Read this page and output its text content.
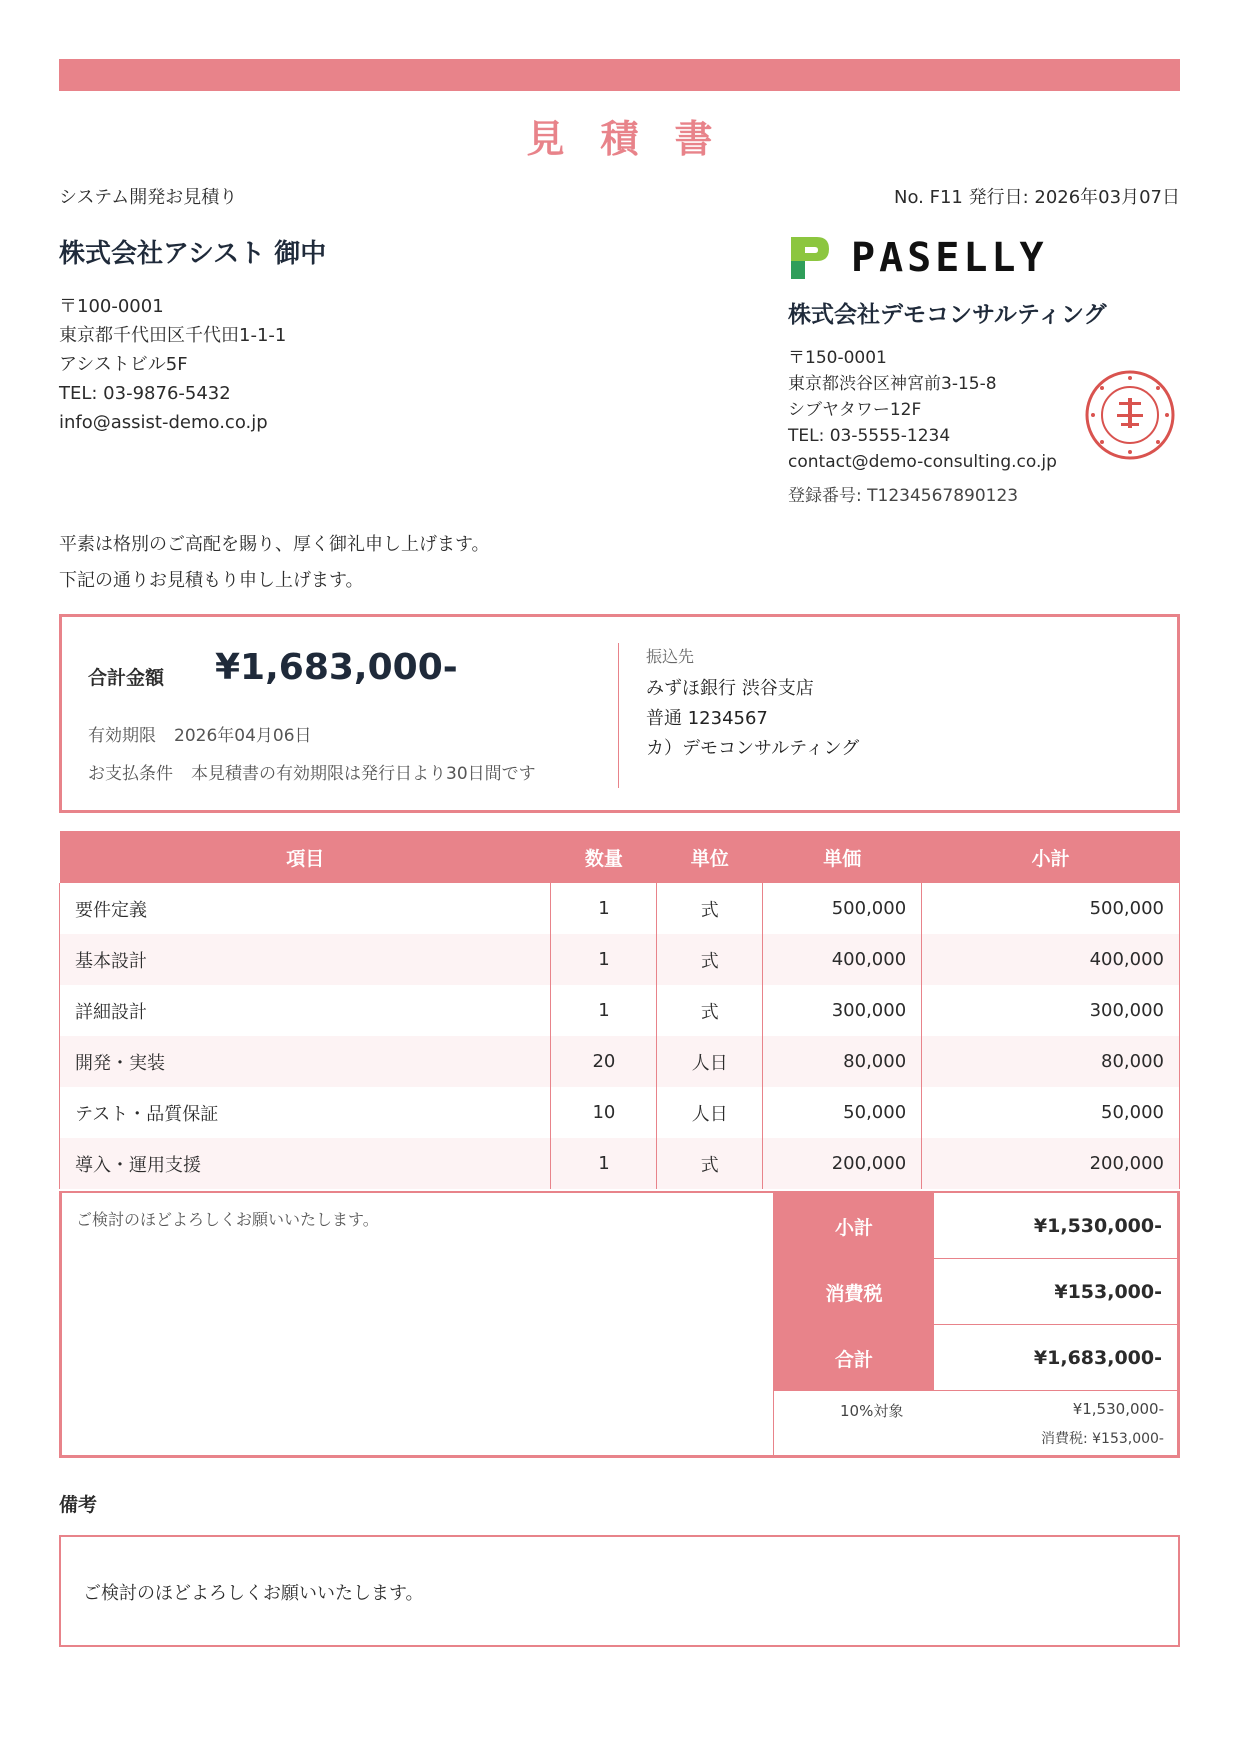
見積書
システム開発お見積り	No. F11 発行日: 2026年03月07日
株式会社アシスト 御中
〒100-0001
東京都千代田区千代田1-1-1
アシストビル5F
TEL: 03-9876-5432
info@assist-demo.co.jp
PASELLY
株式会社デモコンサルティング
〒150-0001
東京都渋谷区神宮前3-15-8
シブヤタワー12F
TEL: 03-5555-1234
contact@demo-consulting.co.jp
登録番号: T1234567890123
平素は格別のご高配を賜り、厚く御礼申し上げます。
下記の通りお見積もり申し上げます。
合計金額 ¥1,683,000-
有効期限 2026年04月06日
お支払条件 本見積書の有効期限は発行日より30日間です
振込先
みずほ銀行 渋谷支店
普通 1234567
カ）デモコンサルティング
項目	数量	単位	単価	小計
要件定義	1	式	500,000	500,000
基本設計	1	式	400,000	400,000
詳細設計	1	式	300,000	300,000
開発・実装	20	人日	80,000	80,000
テスト・品質保証	10	人日	50,000	50,000
導入・運用支援	1	式	200,000	200,000
ご検討のほどよろしくお願いいたします。	小計	¥1,530,000-
消費税	¥153,000-
合計	¥1,683,000-
10%対象	¥1,530,000-
消費税: ¥153,000-
備考
ご検討のほどよろしくお願いいたします。
